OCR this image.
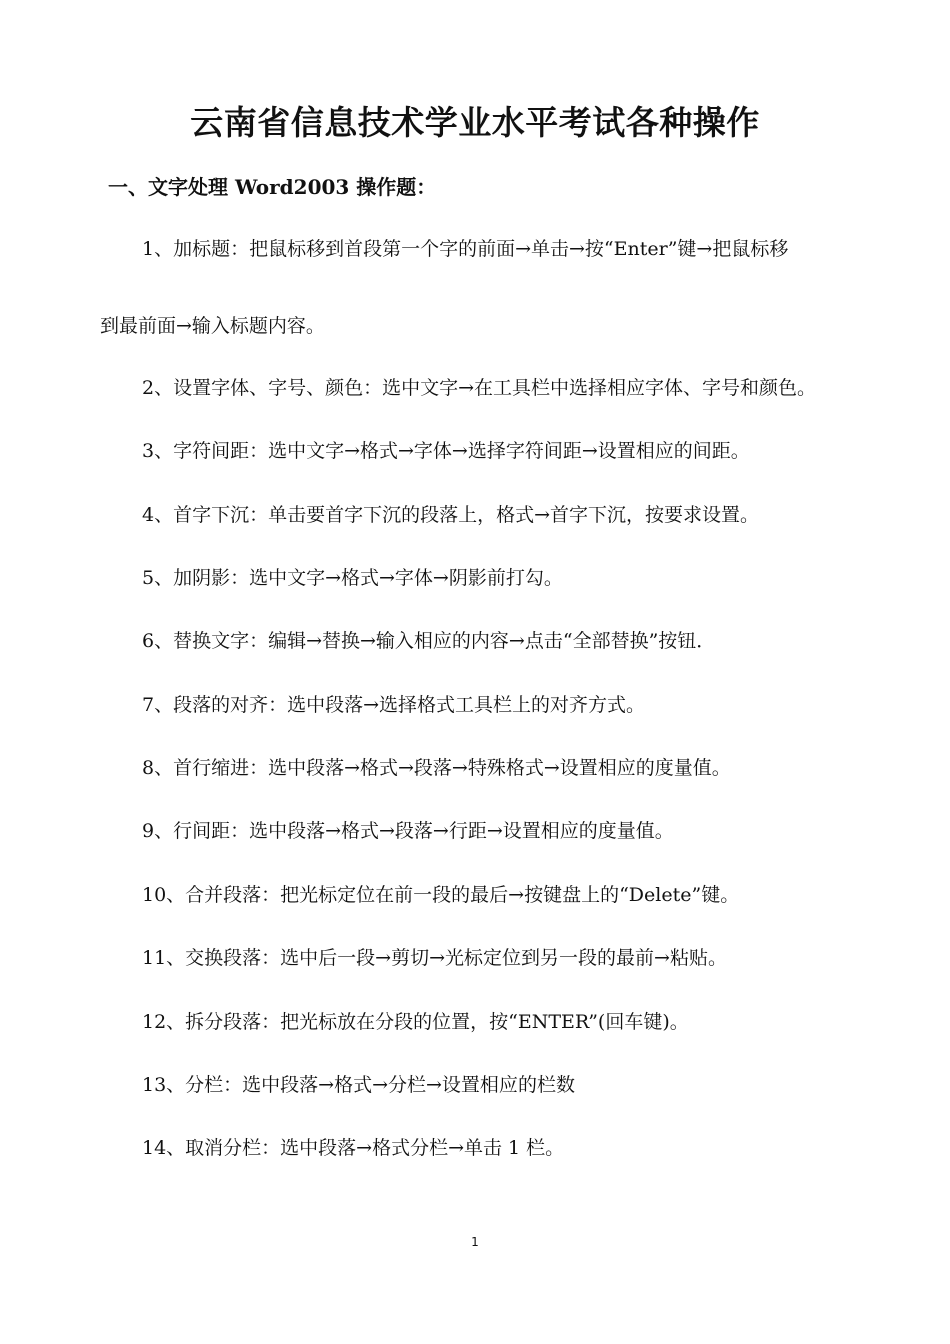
云南省信息技术学业水平考试各种操作
一、文字处理 Word2003 操作题：
1、加标题：把鼠标移到首段第一个字的前面→单击→按“Enter”键→把鼠标移
到最前面→输入标题内容。
2、设置字体、字号、颜色：选中文字→在工具栏中选择相应字体、字号和颜色。
3、字符间距：选中文字→格式→字体→选择字符间距→设置相应的间距。
4、首字下沉：单击要首字下沉的段落上，格式→首字下沉，按要求设置。
5、加阴影：选中文字→格式→字体→阴影前打勾。
6、替换文字：编辑→替换→输入相应的内容→点击“全部替换”按钮．
7、段落的对齐：选中段落→选择格式工具栏上的对齐方式。
8、首行缩进：选中段落→格式→段落→特殊格式→设置相应的度量值。
9、行间距：选中段落→格式→段落→行距→设置相应的度量值。
10、合并段落：把光标定位在前一段的最后→按键盘上的“Delete”键。
11、交换段落：选中后一段→剪切→光标定位到另一段的最前→粘贴。
12、拆分段落：把光标放在分段的位置，按“ENTER”(回车键)。
13、分栏：选中段落→格式→分栏→设置相应的栏数
14、取消分栏：选中段落→格式分栏→单击 1 栏。
1
